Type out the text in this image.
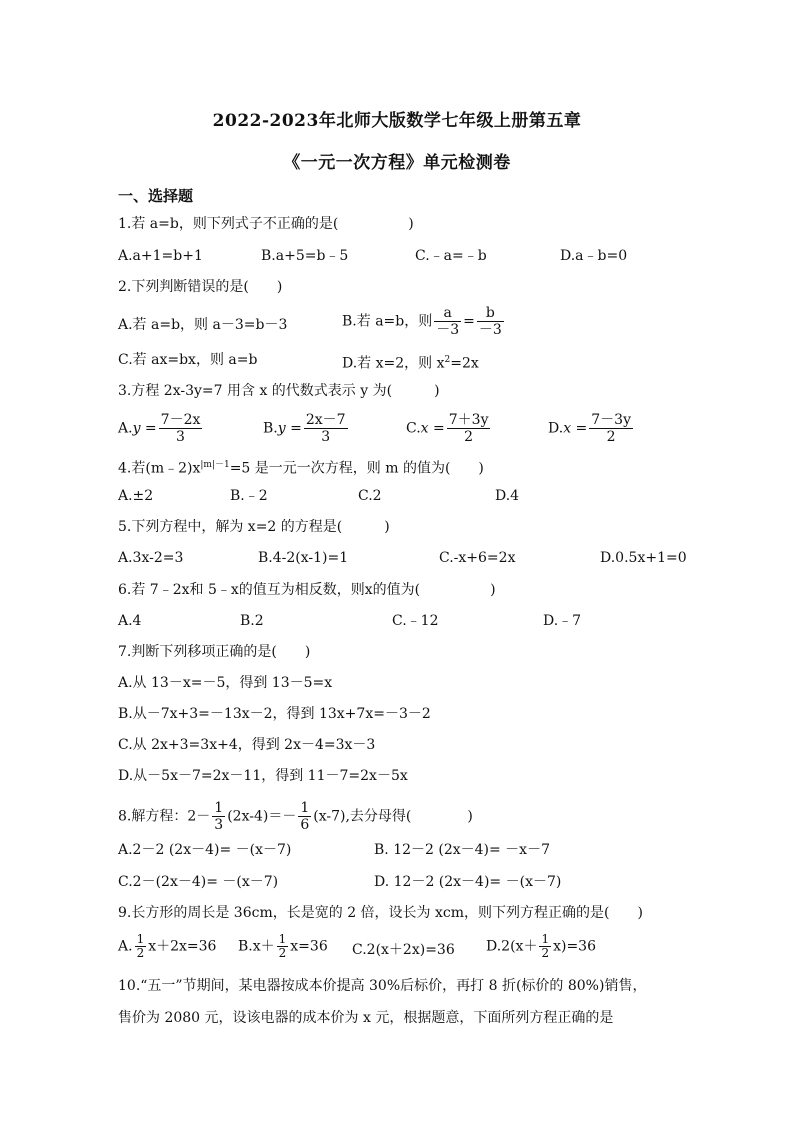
2022-2023年北师大版数学七年级上册第五章
《一元一次方程》单元检测卷
一、选择题
1.若 a=b，则下列式子不正确的是(　　　　　)
A.a+1=b+1	B.a+5=b﹣5	C.﹣a=﹣b	D.a﹣b=0
2.下列判断错误的是(　　)
A.若 a=b，则 a－3=b－3	B.若 a=b，则 $\frac{a}{-3} = \frac{b}{-3}$
C.若 ax=bx，则 a=b	D.若 x=2，则 $x^2=2x$
3.方程 2x-3y=7 用含 x 的代数式表示 y 为(　　　)
$A.y = \frac{7-2x}{3}$	$B.y = \frac{2x-7}{3}$	$C.x = \frac{7+3y}{2}$	$D.x = \frac{7-3y}{2}$
4.若$(m﹣2)x^{|m|-1}=5$ 是一元一次方程，则 m 的值为(　　)
A.±2	B.﹣2	C.2	D.4
5.下列方程中，解为 x=2 的方程是(　　　)
A.3x-2=3	B.4-2(x-1)=1	C.-x+6=2x	D.0.5x+1=0
6.若 7﹣2x和 5﹣x的值互为相反数，则x的值为(　　　　　)
A.4	B.2	C.﹣12	D.﹣7
7.判断下列移项正确的是(　　)
A.从 13－x=－5，得到 13－5=x
B.从－7x+3=－13x－2，得到 13x+7x=－3－2
C.从 2x+3=3x+4，得到 2x－4=3x－3
D.从－5x－7=2x－11，得到 11－7=2x－5x
8.解方程：$2- \frac{1}{3} (2x-4)=- \frac{1}{6} (x-7)$,去分母得(　　　　)
A.2－2 (2x－4)= －(x－7)	B. 12－2 (2x－4)= －x－7
C.2－(2x－4)= －(x－7)	D. 12－2 (2x－4)= －(x－7)
9.长方形的周长是 36cm，长是宽的 2 倍，设长为 xcm，则下列方程正确的是(　　)
A. $\frac{1}{2} x+2x=36$ $B.x+ \frac{1}{2} x=36$ C.2(x＋2x)=36 $D.2(x+ \frac{1}{2} x)=36$
10.“五一”节期间，某电器按成本价提高 30%后标价，再打 8 折(标价的 80%)销售，
售价为 2080 元，设该电器的成本价为 x 元，根据题意，下面所列方程正确的是
